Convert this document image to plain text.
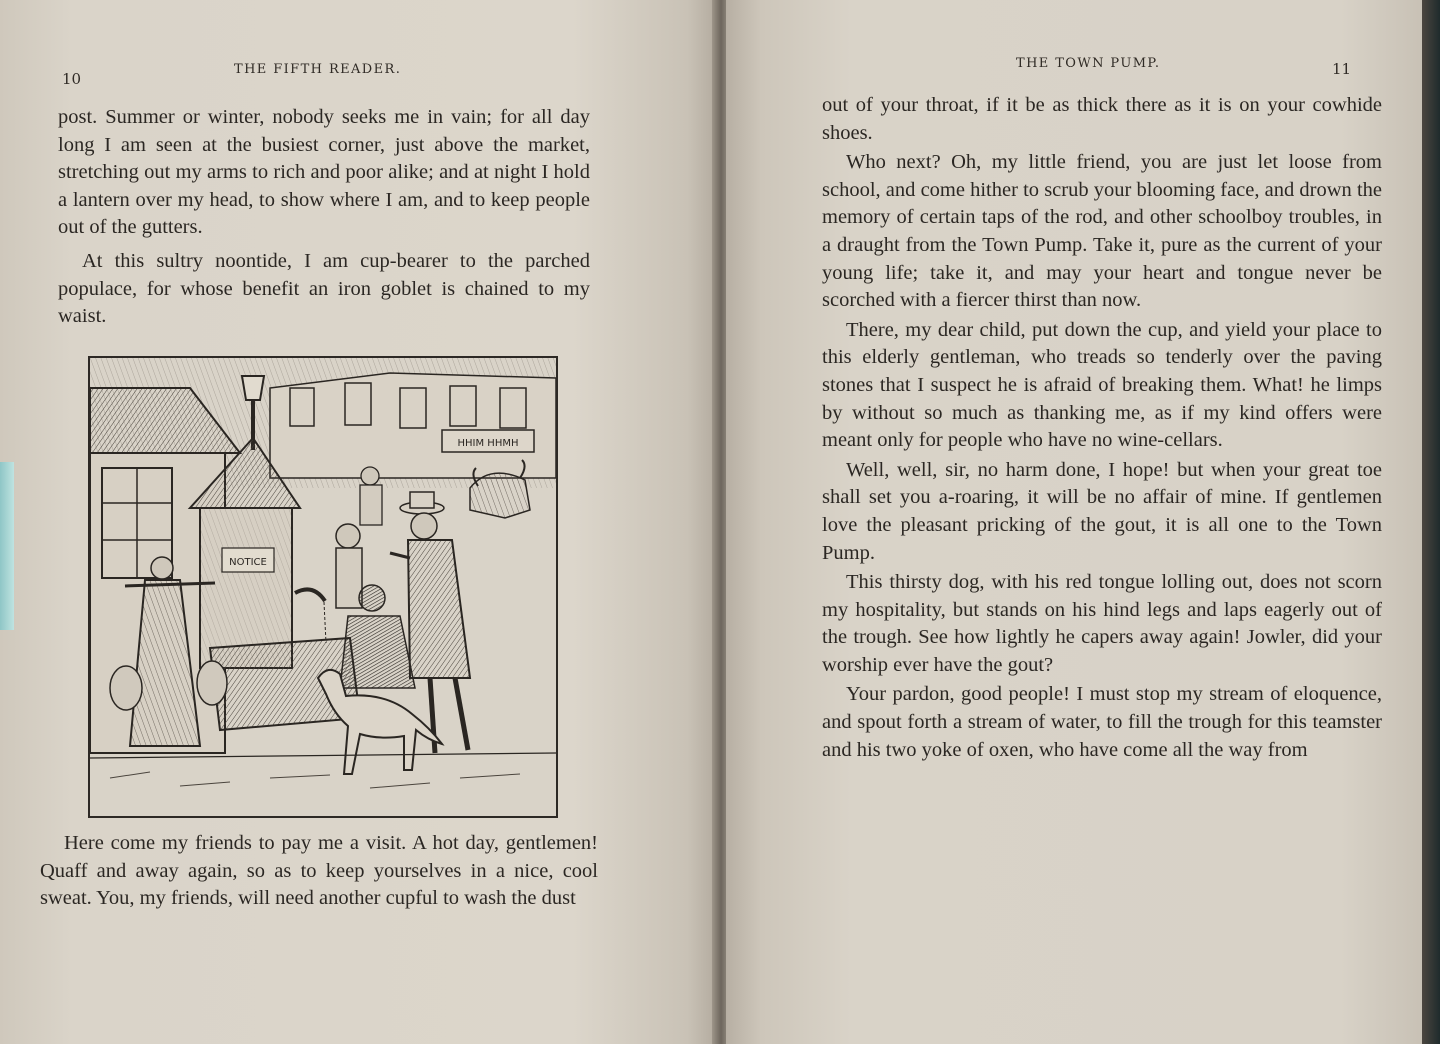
10
THE FIFTH READER.

post. Summer or winter, nobody seeks me in vain; for all day long I am seen at the busiest corner, just above the market, stretching out my arms to rich and poor alike; and at night I hold a lantern over my head, to show where I am, and to keep people out of the gutters.

At this sultry noontide, I am cup-bearer to the parched populace, for whose benefit an iron goblet is chained to my waist.

HHIM HHMH
NOTICE
Here come my friends to pay me a visit. A hot day, gentlemen! Quaff and away again, so as to keep yourselves in a nice, cool sweat. You, my friends, will need another cupful to wash the dust
THE TOWN PUMP.	11

out of your throat, if it be as thick there as it is on your cowhide shoes.

Who next? Oh, my little friend, you are just let loose from school, and come hither to scrub your blooming face, and drown the memory of certain taps of the rod, and other schoolboy troubles, in a draught from the Town Pump. Take it, pure as the current of your young life; take it, and may your heart and tongue never be scorched with a fiercer thirst than now.

There, my dear child, put down the cup, and yield your place to this elderly gentleman, who treads so tenderly over the paving stones that I suspect he is afraid of breaking them. What! he limps by without so much as thanking me, as if my kind offers were meant only for people who have no wine-cellars.

Well, well, sir, no harm done, I hope! but when your great toe shall set you a-roaring, it will be no affair of mine. If gentlemen love the pleasant pricking of the gout, it is all one to the Town Pump.

This thirsty dog, with his red tongue lolling out, does not scorn my hospitality, but stands on his hind legs and laps eagerly out of the trough. See how lightly he capers away again! Jowler, did your worship ever have the gout?

Your pardon, good people! I must stop my stream of eloquence, and spout forth a stream of water, to fill the trough for this teamster and his two yoke of oxen, who have come all the way from
